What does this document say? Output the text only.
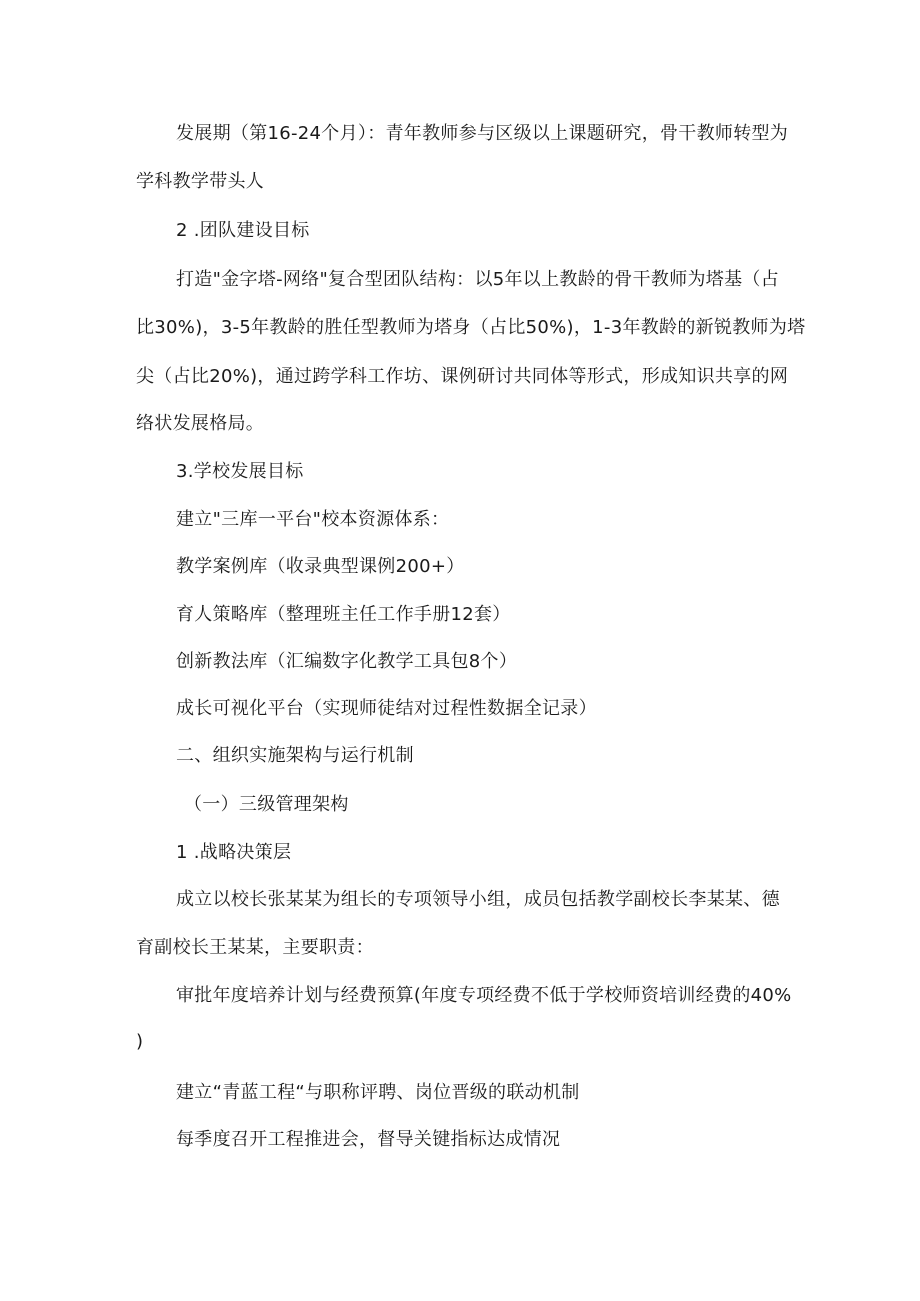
发展期（第16-24个月）：青年教师参与区级以上课题研究，骨干教师转型为
学科教学带头人
2 .团队建设目标
打造"金字塔-网络"复合型团队结构：以5年以上教龄的骨干教师为塔基（占
比30%)，3-5年教龄的胜任型教师为塔身（占比50%)，1-3年教龄的新锐教师为塔
尖（占比20%)，通过跨学科工作坊、课例研讨共同体等形式，形成知识共享的网
络状发展格局。
3.学校发展目标
建立"三库一平台"校本资源体系：
教学案例库（收录典型课例200+）
育人策略库（整理班主任工作手册12套）
创新教法库（汇编数字化教学工具包8个）
成长可视化平台（实现师徒结对过程性数据全记录）
二、组织实施架构与运行机制
（一）三级管理架构
1 .战略决策层
成立以校长张某某为组长的专项领导小组，成员包括教学副校长李某某、德
育副校长王某某，主要职责：
审批年度培养计划与经费预算(年度专项经费不低于学校师资培训经费的40%
)
建立“青蓝工程“与职称评聘、岗位晋级的联动机制
每季度召开工程推进会，督导关键指标达成情况
